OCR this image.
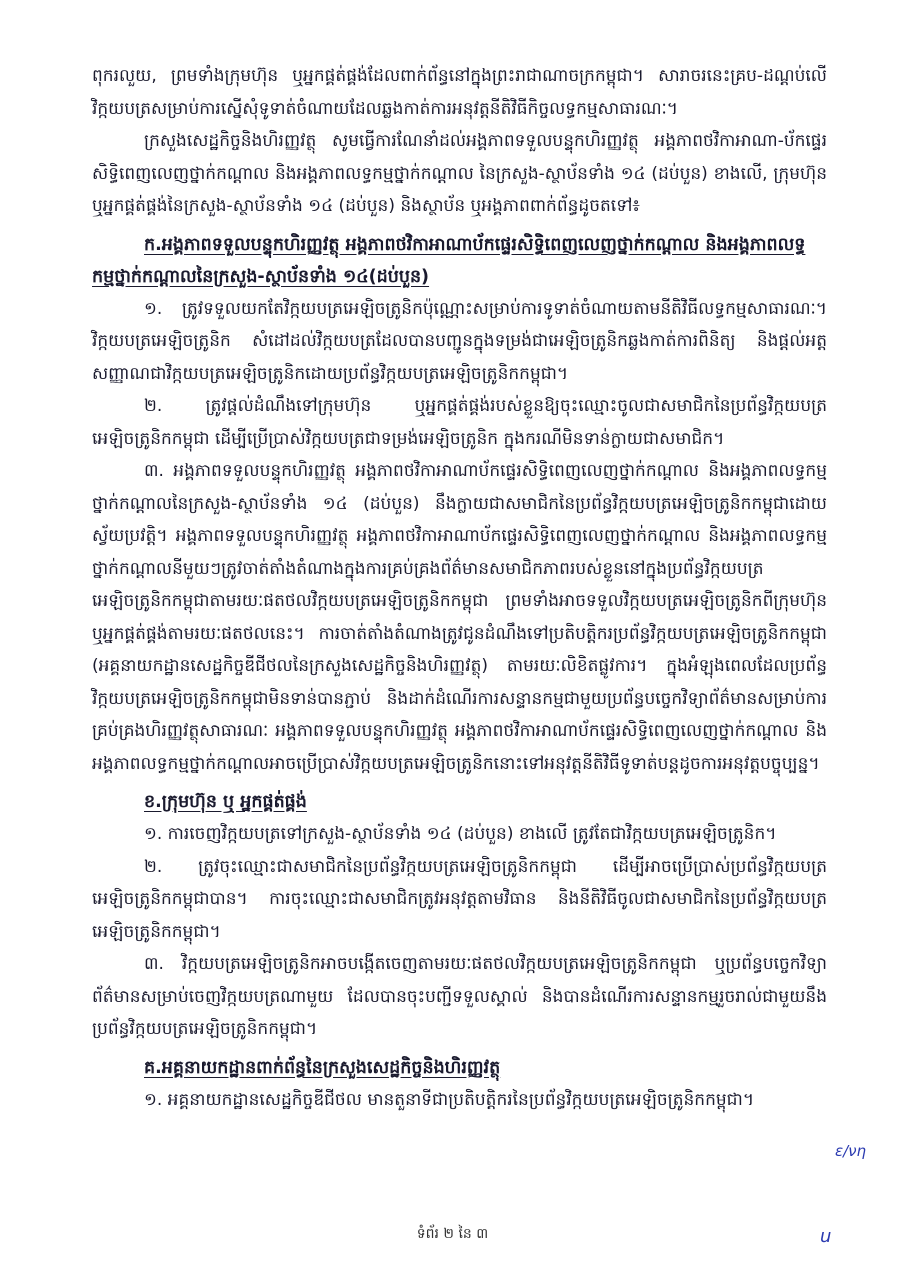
ពុករលួយ, ព្រមទាំងក្រុមហ៊ុន ឬអ្នកផ្គត់ផ្គង់ដែលពាក់ព័ន្ធនៅក្នុងព្រះរាជាណាចក្រកម្ពុជា។ សារាចរនេះគ្រប-ដណ្ដប់លើវិក្កយបត្រសម្រាប់ការស្នើសុំទូទាត់ចំណាយដែលឆ្លងកាត់ការអនុវត្តនីតិវិធីកិច្ចលទ្ធកម្មសាធារណៈ។

ក្រសួងសេដ្ឋកិច្ចនិងហិរញ្ញវត្ថុ សូមធ្វើការណែនាំដល់អង្គភាពទទួលបន្ទុកហិរញ្ញវត្ថុ អង្គភាពថវិកាអាណា-ប័កផ្ទេរសិទ្ធិពេញលេញថ្នាក់កណ្ដាល និងអង្គភាពលទ្ធកម្មថ្នាក់កណ្ដាល នៃក្រសួង-ស្ថាប័នទាំង ១៤ (ដប់បួន) ខាងលើ, ក្រុមហ៊ុន ឬអ្នកផ្គត់ផ្គង់នៃក្រសួង-ស្ថាប័នទាំង ១៤ (ដប់បួន) និងស្ថាប័ន ឬអង្គភាពពាក់ព័ន្ធដូចតទៅ៖

ក.អង្គភាពទទួលបន្ទុកហិរញ្ញវត្ថុ អង្គភាពថវិកាអាណាប័កផ្ទេរសិទ្ធិពេញលេញថ្នាក់កណ្ដាល និងអង្គភាពលទ្ធកម្មថ្នាក់កណ្ដាលនៃក្រសួង-ស្ថាប័នទាំង ១៤(ដប់បួន)

១. ត្រូវទទួលយកតែវិក្កយបត្រអេឡិចត្រូនិកប៉ុណ្ណោះសម្រាប់ការទូទាត់ចំណាយតាមនីតិវិធីលទ្ធកម្មសាធារណៈ។ វិក្កយបត្រអេឡិចត្រូនិក សំដៅដល់វិក្កយបត្រដែលបានបញ្ជូនក្នុងទម្រង់ជាអេឡិចត្រូនិកឆ្លងកាត់ការពិនិត្យ និងផ្ដល់អត្តសញ្ញាណជាវិក្កយបត្រអេឡិចត្រូនិកដោយប្រព័ន្ធវិក្កយបត្រអេឡិចត្រូនិកកម្ពុជា។

២. ត្រូវផ្ដល់ដំណឹងទៅក្រុមហ៊ុន ឬអ្នកផ្គត់ផ្គង់របស់ខ្លួនឱ្យចុះឈ្មោះចូលជាសមាជិកនៃប្រព័ន្ធវិក្កយបត្រអេឡិចត្រូនិកកម្ពុជា ដើម្បីប្រើប្រាស់វិក្កយបត្រជាទម្រង់អេឡិចត្រូនិក ក្នុងករណីមិនទាន់ក្លាយជាសមាជិក។

៣. អង្គភាពទទួលបន្ទុកហិរញ្ញវត្ថុ អង្គភាពថវិកាអាណាប័កផ្ទេរសិទ្ធិពេញលេញថ្នាក់កណ្ដាល និងអង្គភាពលទ្ធកម្មថ្នាក់កណ្ដាលនៃក្រសួង-ស្ថាប័នទាំង ១៤ (ដប់បួន) នឹងក្លាយជាសមាជិកនៃប្រព័ន្ធវិក្កយបត្រអេឡិចត្រូនិកកម្ពុជាដោយស្វ័យប្រវត្តិ។ អង្គភាពទទួលបន្ទុកហិរញ្ញវត្ថុ អង្គភាពថវិកាអាណាប័កផ្ទេរសិទ្ធិពេញលេញថ្នាក់កណ្ដាល និងអង្គភាពលទ្ធកម្មថ្នាក់កណ្ដាលនីមួយៗត្រូវចាត់តាំងតំណាងក្នុងការគ្រប់គ្រងព័ត៌មានសមាជិកភាពរបស់ខ្លួននៅក្នុងប្រព័ន្ធវិក្កយបត្រអេឡិចត្រូនិកកម្ពុជាតាមរយៈផតថលវិក្កយបត្រអេឡិចត្រូនិកកម្ពុជា ព្រមទាំងអាចទទួលវិក្កយបត្រអេឡិចត្រូនិកពីក្រុមហ៊ុន ឬអ្នកផ្គត់ផ្គង់តាមរយៈផតថលនេះ។ ការចាត់តាំងតំណាងត្រូវជូនដំណឹងទៅប្រតិបត្តិករប្រព័ន្ធវិក្កយបត្រអេឡិចត្រូនិកកម្ពុជា (អគ្គនាយកដ្ឋានសេដ្ឋកិច្ចឌីជីថលនៃក្រសួងសេដ្ឋកិច្ចនិងហិរញ្ញវត្ថុ) តាមរយៈលិខិតផ្លូវការ។ ក្នុងអំឡុងពេលដែលប្រព័ន្ធវិក្កយបត្រអេឡិចត្រូនិកកម្ពុជាមិនទាន់បានភ្ជាប់ និងដាក់ដំណើរការសន្ទានកម្មជាមួយប្រព័ន្ធបច្ចេកវិទ្យាព័ត៌មានសម្រាប់ការគ្រប់គ្រងហិរញ្ញវត្ថុសាធារណៈ អង្គភាពទទួលបន្ទុកហិរញ្ញវត្ថុ អង្គភាពថវិកាអាណាប័កផ្ទេរសិទ្ធិពេញលេញថ្នាក់កណ្ដាល និងអង្គភាពលទ្ធកម្មថ្នាក់កណ្ដាលអាចប្រើប្រាស់វិក្កយបត្រអេឡិចត្រូនិកនោះទៅអនុវត្តនីតិវិធីទូទាត់បន្តដូចការអនុវត្តបច្ចុប្បន្ន។

ខ.ក្រុមហ៊ុន ឬ អ្នកផ្គត់ផ្គង់

១. ការចេញវិក្កយបត្រទៅក្រសួង-ស្ថាប័នទាំង ១៤ (ដប់បួន) ខាងលើ ត្រូវតែជាវិក្កយបត្រអេឡិចត្រូនិក។

២. ត្រូវចុះឈ្មោះជាសមាជិកនៃប្រព័ន្ធវិក្កយបត្រអេឡិចត្រូនិកកម្ពុជា ដើម្បីអាចប្រើប្រាស់ប្រព័ន្ធវិក្កយបត្រអេឡិចត្រូនិកកម្ពុជាបាន។ ការចុះឈ្មោះជាសមាជិកត្រូវអនុវត្តតាមវិធាន និងនីតិវិធីចូលជាសមាជិកនៃប្រព័ន្ធវិក្កយបត្រអេឡិចត្រូនិកកម្ពុជា។

៣. វិក្កយបត្រអេឡិចត្រូនិកអាចបង្កើតចេញតាមរយៈផតថលវិក្កយបត្រអេឡិចត្រូនិកកម្ពុជា ឬប្រព័ន្ធបច្ចេកវិទ្យាព័ត៌មានសម្រាប់ចេញវិក្កយបត្រណាមួយ ដែលបានចុះបញ្ជីទទួលស្គាល់ និងបានដំណើរការសន្ទានកម្មរួចរាល់ជាមួយនឹងប្រព័ន្ធវិក្កយបត្រអេឡិចត្រូនិកកម្ពុជា។

គ.អគ្គនាយកដ្ឋានពាក់ព័ន្ធនៃក្រសួងសេដ្ឋកិច្ចនិងហិរញ្ញវត្ថុ

១. អគ្គនាយកដ្ឋានសេដ្ឋកិច្ចឌីជីថល មានតួនាទីជាប្រតិបត្តិករនៃប្រព័ន្ធវិក្កយបត្រអេឡិចត្រូនិកកម្ពុជា។

ε/νη
ទំព័រ ២ នៃ ៣	u
